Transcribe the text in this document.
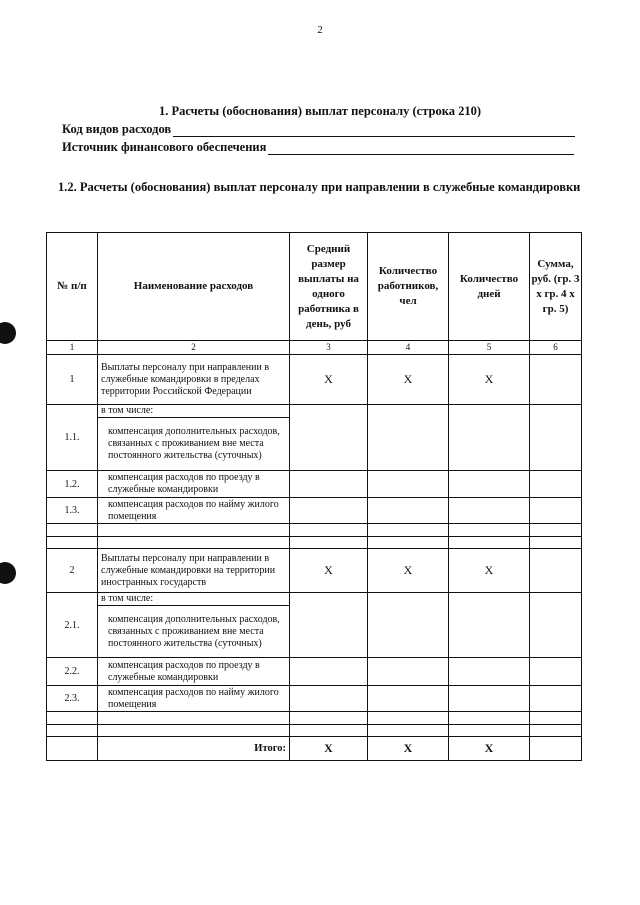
2
1. Расчеты (обоснования) выплат персоналу (строка 210)
Код видов расходов
Источник финансового обеспечения
1.2. Расчеты (обоснования) выплат персоналу при направлении в служебные командировки
№ п/п	Наименование расходов	Средний размер выплаты на одного работника в день, руб	Количество работников, чел	Количество дней	Сумма, руб. (гр. 3 х гр. 4 х гр. 5)
1	2	3	4	5	6
1	Выплаты персоналу при направлении в служебные командировки в пределах территории Российской Федерации	X	X	X	
1.1.	в том числе:				
	компенсация дополнительных расходов, связанных с проживанием вне места постоянного жительства (суточных)				
1.2.	компенсация расходов по проезду в служебные командировки				
1.3.	компенсация расходов по найму жилого помещения				

2	Выплаты персоналу при направлении в служебные командировки на территории иностранных государств	X	X	X	
2.1.	в том числе:				
	компенсация дополнительных расходов, связанных с проживанием вне места постоянного жительства (суточных)				
2.2.	компенсация расходов по проезду в служебные командировки				
2.3.	компенсация расходов по найму жилого помещения				

	Итого:	X	X	X	
